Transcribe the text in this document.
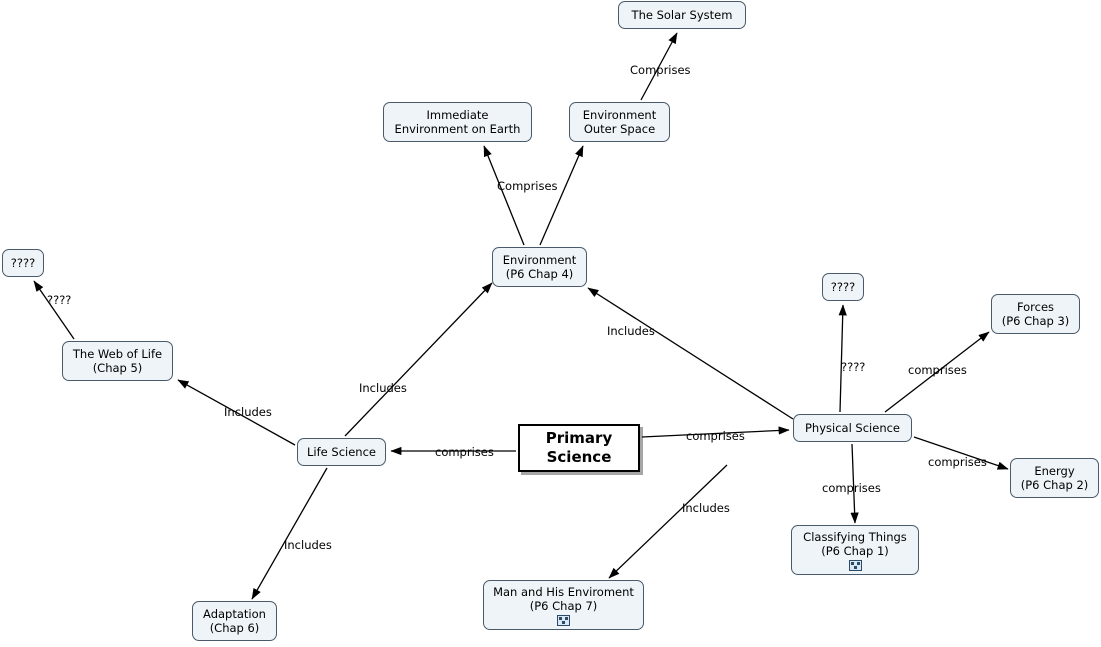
The Solar System
Immediate
Environment on Earth
Environment
Outer Space
????	Environment
(P6 Chap 4)
????
Forces
(P6 Chap 3)
The Web of Life
(Chap 5)
Physical Science
Life Science
Primary
Science
Energy
(P6 Chap 2)
Classifying Things
(P6 Chap 1)
Man and His Enviroment
(P6 Chap 7)
Adaptation
(Chap 6)
Comprises
Comprises
????
Includes
Includes
comprises
comprises
Includes
????	comprises
comprises
comprises
Includes
Includes
